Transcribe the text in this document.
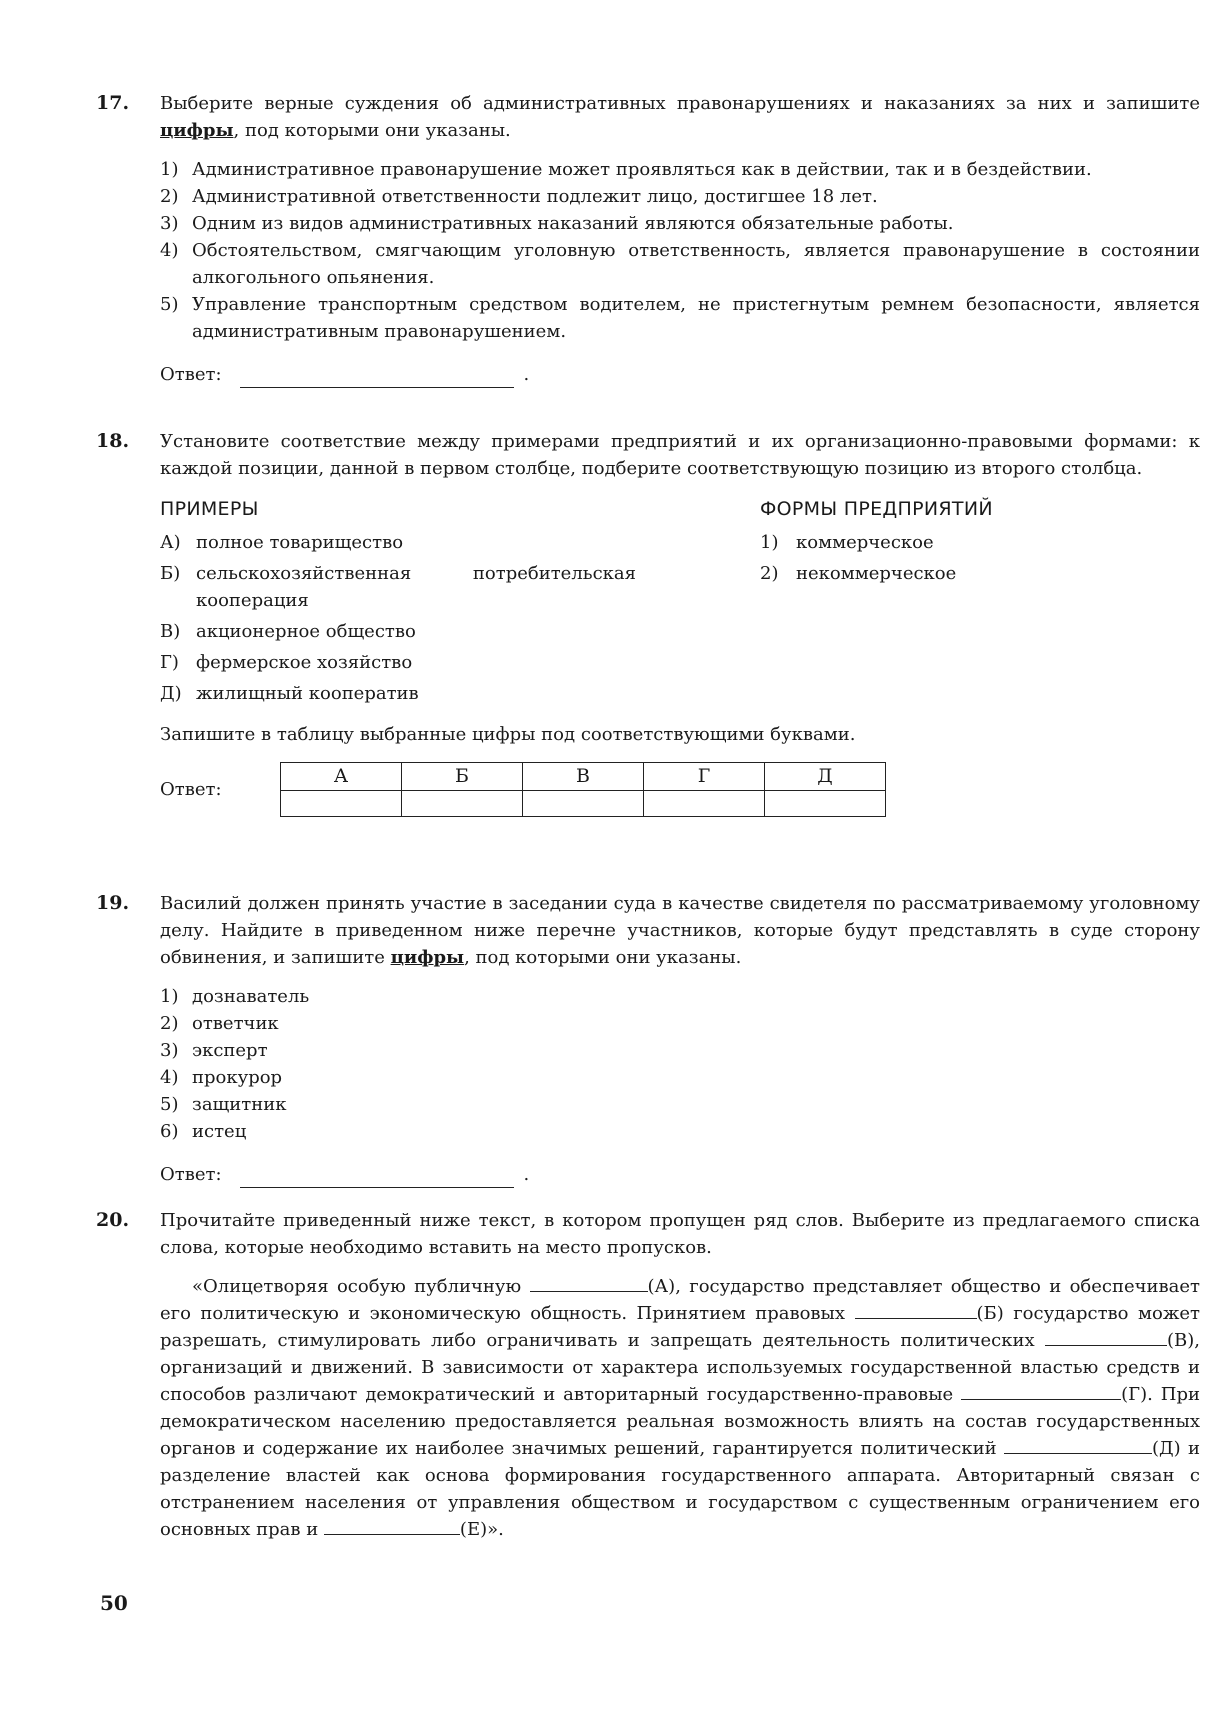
17. Выберите верные суждения об административных правонарушениях и наказаниях за них и запишите цифры, под которыми они указаны.

1) Административное правонарушение может проявляться как в действии, так и в бездействии.
2) Административной ответственности подлежит лицо, достигшее 18 лет.
3) Одним из видов административных наказаний являются обязательные работы.
4) Обстоятельством, смягчающим уголовную ответственность, является правонарушение в состоянии алкогольного опьянения.
5) Управление транспортным средством водителем, не пристегнутым ремнем безопасности, является административным правонарушением.
Ответ:	.
18. Установите соответствие между примерами предприятий и их организационно-правовыми формами: к каждой позиции, данной в первом столбце, подберите соответствующую позицию из второго столбца.

ПРИМЕРЫ
А) полное товарищество
Б) сельскохозяйственная потребительская кооперация
В) акционерное общество
Г) фермерское хозяйство
Д) жилищный кооператив
ФОРМЫ ПРЕДПРИЯТИЙ
1) коммерческое
2) некоммерческое

Запишите в таблицу выбранные цифры под соответствующими буквами.

Ответ:
А	Б	В	Г	Д

19. Василий должен принять участие в заседании суда в качестве свидетеля по рассматриваемому уголовному делу. Найдите в приведенном ниже перечне участников, которые будут представлять в суде сторону обвинения, и запишите цифры, под которыми они указаны.

1) дознаватель
2) ответчик
3) эксперт
4) прокурор
5) защитник
6) истец
Ответ:	.
20. Прочитайте приведенный ниже текст, в котором пропущен ряд слов. Выберите из предлагаемого списка слова, которые необходимо вставить на место пропусков.

«Олицетворяя особую публичную	(А), государство представляет общество и обеспечивает его политическую и экономическую общность. Принятием правовых	(Б) государство может разрешать, стимулировать либо ограничивать и запрещать деятельность политических	(В), организаций и движений. В зависимости от характера используемых государственной властью средств и способов различают демократический и авторитарный государственно-правовые	(Г). При демократическом населению предоставляется реальная возможность влиять на состав государственных органов и содержание их наиболее значимых решений, гарантируется политический	(Д) и разделение властей как основа формирования государственного аппарата. Авторитарный связан с отстранением населения от управления обществом и государством с существенным ограничением его основных прав и	(Е)».

50
